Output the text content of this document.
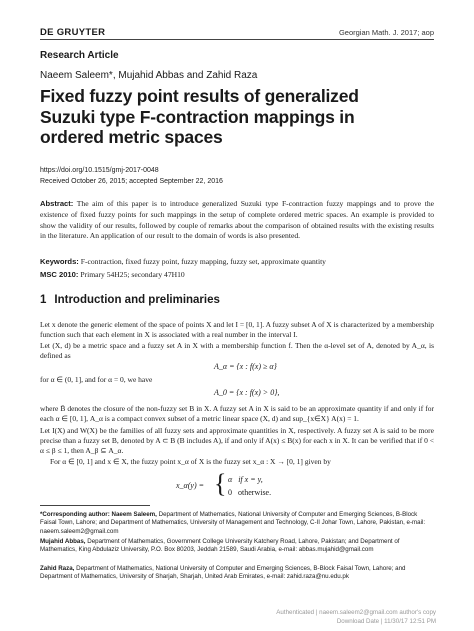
DE GRUYTER	Georgian Math. J. 2017; aop
Research Article
Naeem Saleem*, Mujahid Abbas and Zahid Raza
Fixed fuzzy point results of generalized
Suzuki type F-contraction mappings in
ordered metric spaces
https://doi.org/10.1515/gmj-2017-0048
Received October 26, 2015; accepted September 22, 2016
Abstract: The aim of this paper is to introduce generalized Suzuki type F-contraction fuzzy mappings and to prove the existence of fixed fuzzy points for such mappings in the setup of complete ordered metric spaces. An example is provided to show the validity of our results, followed by couple of remarks about the comparison of obtained results with the existing results in the literature. An application of our result to the domain of words is also presented.
Keywords: F-contraction, fixed fuzzy point, fuzzy mapping, fuzzy set, approximate quantity
MSC 2010: Primary 54H25; secondary 47H10
1 Introduction and preliminaries
Let x denote the generic element of the space of points X and let I = [0, 1]. A fuzzy subset A of X is characterized by a membership function such that each element in X is associated with a real number in the interval I.
Let (X, d) be a metric space and a fuzzy set A in X with a membership function f. Then the α-level set of A, denoted by A_α, is defined as
A_α = {x : f(x) ≥ α}
for α ∈ (0, 1], and for α = 0, we have
A_0 = {x : f(x) > 0},
where B̄ denotes the closure of the non-fuzzy set B in X. A fuzzy set A in X is said to be an approximate quantity if and only if for each α ∈ [0, 1], A_α is a compact convex subset of a metric linear space (X, d) and sup_{x∈X} A(x) = 1.
Let I(X) and W(X) be the families of all fuzzy sets and approximate quantities in X, respectively. A fuzzy set A is said to be more precise than a fuzzy set B, denoted by A ⊂ B (B includes A), if and only if A(x) ≤ B(x) for each x in X. It can be verified that if 0 < α ≤ β ≤ 1, then A_β ⊆ A_α.
For α ∈ [0, 1] and x ∈ X, the fuzzy point x_α of X is the fuzzy set x_α : X → [0, 1] given by
x_α(y) = { α   if x = y,
0   otherwise.
*Corresponding author: Naeem Saleem, Department of Mathematics, National University of Computer and Emerging Sciences, B-Block Faisal Town, Lahore; and Department of Mathematics, University of Management and Technology, C-II Johar Town, Lahore, Pakistan, e-mail: naeem.saleem2@gmail.com
Mujahid Abbas, Department of Mathematics, Government College University Katchery Road, Lahore, Pakistan; and Department of Mathematics, King Abdulaziz University, P.O. Box 80203, Jeddah 21589, Saudi Arabia, e-mail: abbas.mujahid@gmail.com
Zahid Raza, Department of Mathematics, National University of Computer and Emerging Sciences, B-Block Faisal Town, Lahore; and Department of Mathematics, University of Sharjah, Sharjah, United Arab Emirates, e-mail: zahid.raza@nu.edu.pk
Authenticated | naeem.saleem2@gmail.com author's copy
Download Date | 11/30/17 12:51 PM
